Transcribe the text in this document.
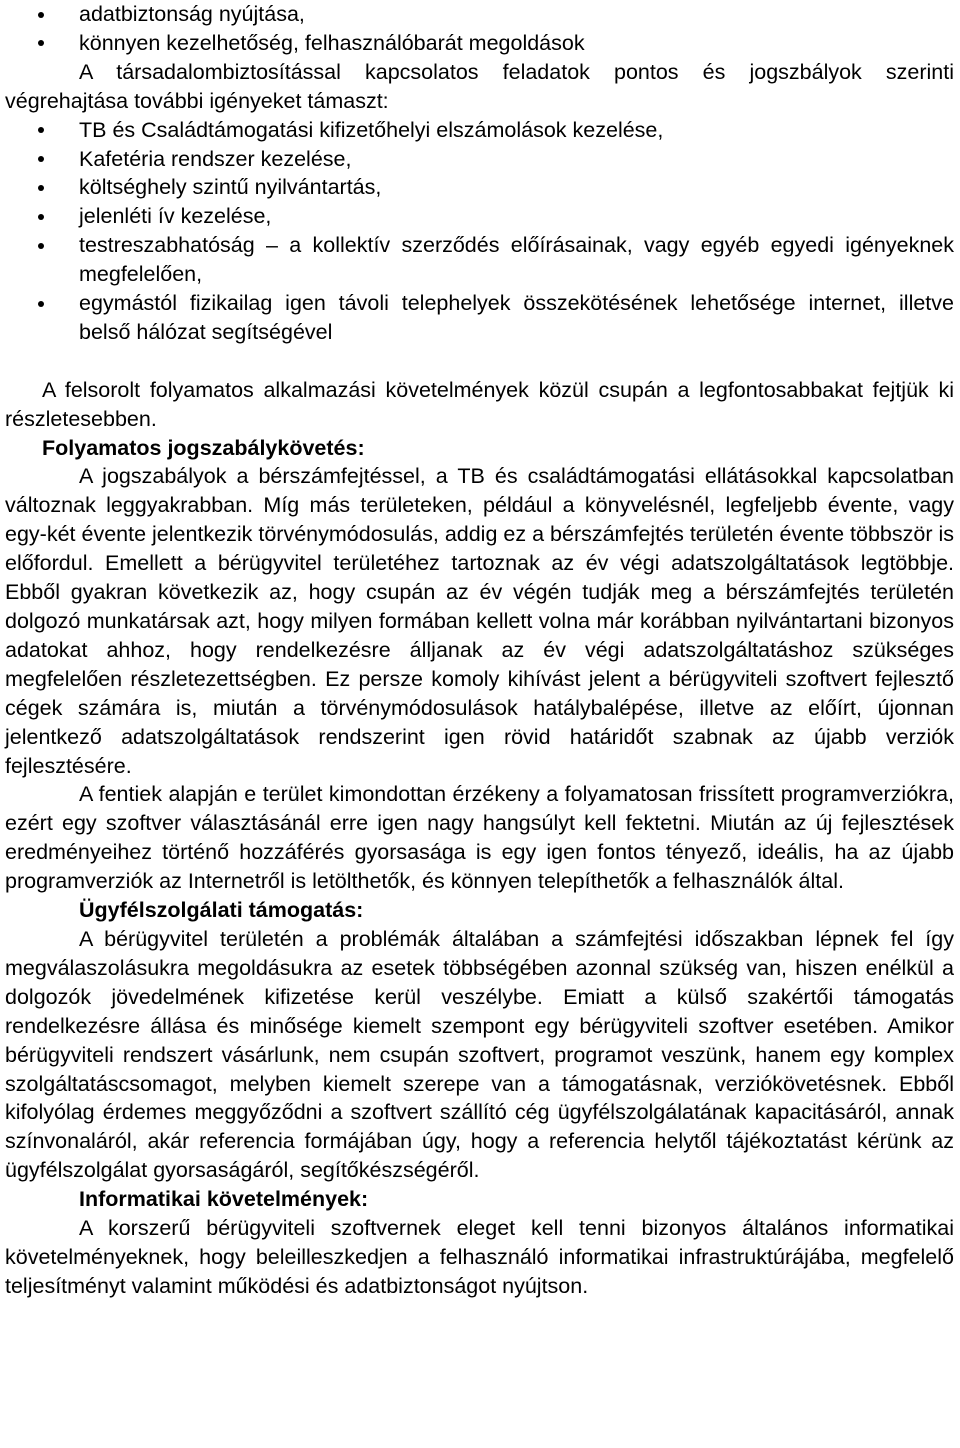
adatbiztonság nyújtása,
könnyen kezelhetőség, felhasználóbarát megoldások

A társadalombiztosítással kapcsolatos feladatok pontos és jogszbályok szerinti végrehajtása további igényeket támaszt:

TB és Családtámogatási kifizetőhelyi elszámolások kezelése,
Kafetéria rendszer kezelése,
költséghely szintű nyilvántartás,
jelenléti ív kezelése,
testreszabhatóság – a kollektív szerződés előírásainak, vagy egyéb egyedi igényeknek megfelelően,
egymástól fizikailag igen távoli telephelyek összekötésének lehetősége internet, illetve belső hálózat segítségével

A felsorolt folyamatos alkalmazási követelmények közül csupán a legfontosabbakat fejtjük ki részletesebben.

Folyamatos jogszabálykövetés:

A jogszabályok a bérszámfejtéssel, a TB és családtámogatási ellátásokkal kapcsolatban változnak leggyakrabban. Míg más területeken, például a könyvelésnél, legfeljebb évente, vagy egy-két évente jelentkezik törvénymódosulás, addig ez a bérszámfejtés területén évente többször is előfordul. Emellett a bérügyvitel területéhez tartoznak az év végi adatszolgáltatások legtöbbje. Ebből gyakran következik az, hogy csupán az év végén tudják meg a bérszámfejtés területén dolgozó munkatársak azt, hogy milyen formában kellett volna már korábban nyilvántartani bizonyos adatokat ahhoz, hogy rendelkezésre álljanak az év végi adatszolgáltatáshoz szükséges megfelelően részletezettségben. Ez persze komoly kihívást jelent a bérügyviteli szoftvert fejlesztő cégek számára is, miután a törvénymódosulások hatálybalépése, illetve az előírt, újonnan jelentkező adatszolgáltatások rendszerint igen rövid határidőt szabnak az újabb verziók fejlesztésére.

A fentiek alapján e terület kimondottan érzékeny a folyamatosan frissített programverziókra, ezért egy szoftver választásánál erre igen nagy hangsúlyt kell fektetni. Miután az új fejlesztések eredményeihez történő hozzáférés gyorsasága is egy igen fontos tényező, ideális, ha az újabb programverziók az Internetről is letölthetők, és könnyen telepíthetők a felhasználók által.

Ügyfélszolgálati támogatás:

A bérügyvitel területén a problémák általában a számfejtési időszakban lépnek fel így megválaszolásukra megoldásukra az esetek többségében azonnal szükség van, hiszen enélkül a dolgozók jövedelmének kifizetése kerül veszélybe. Emiatt a külső szakértői támogatás rendelkezésre állása és minősége kiemelt szempont egy bérügyviteli szoftver esetében. Amikor bérügyviteli rendszert vásárlunk, nem csupán szoftvert, programot veszünk, hanem egy komplex szolgáltatáscsomagot, melyben kiemelt szerepe van a támogatásnak, verziókövetésnek. Ebből kifolyólag érdemes meggyőződni a szoftvert szállító cég ügyfélszolgálatának kapacitásáról, annak színvonaláról, akár referencia formájában úgy, hogy a referencia helytől tájékoztatást kérünk az ügyfélszolgálat gyorsaságáról, segítőkészségéről.

Informatikai követelmények:

A korszerű bérügyviteli szoftvernek eleget kell tenni bizonyos általános informatikai követelményeknek, hogy beleilleszkedjen a felhasználó informatikai infrastruktúrájába, megfelelő teljesítményt valamint működési és adatbiztonságot nyújtson.
